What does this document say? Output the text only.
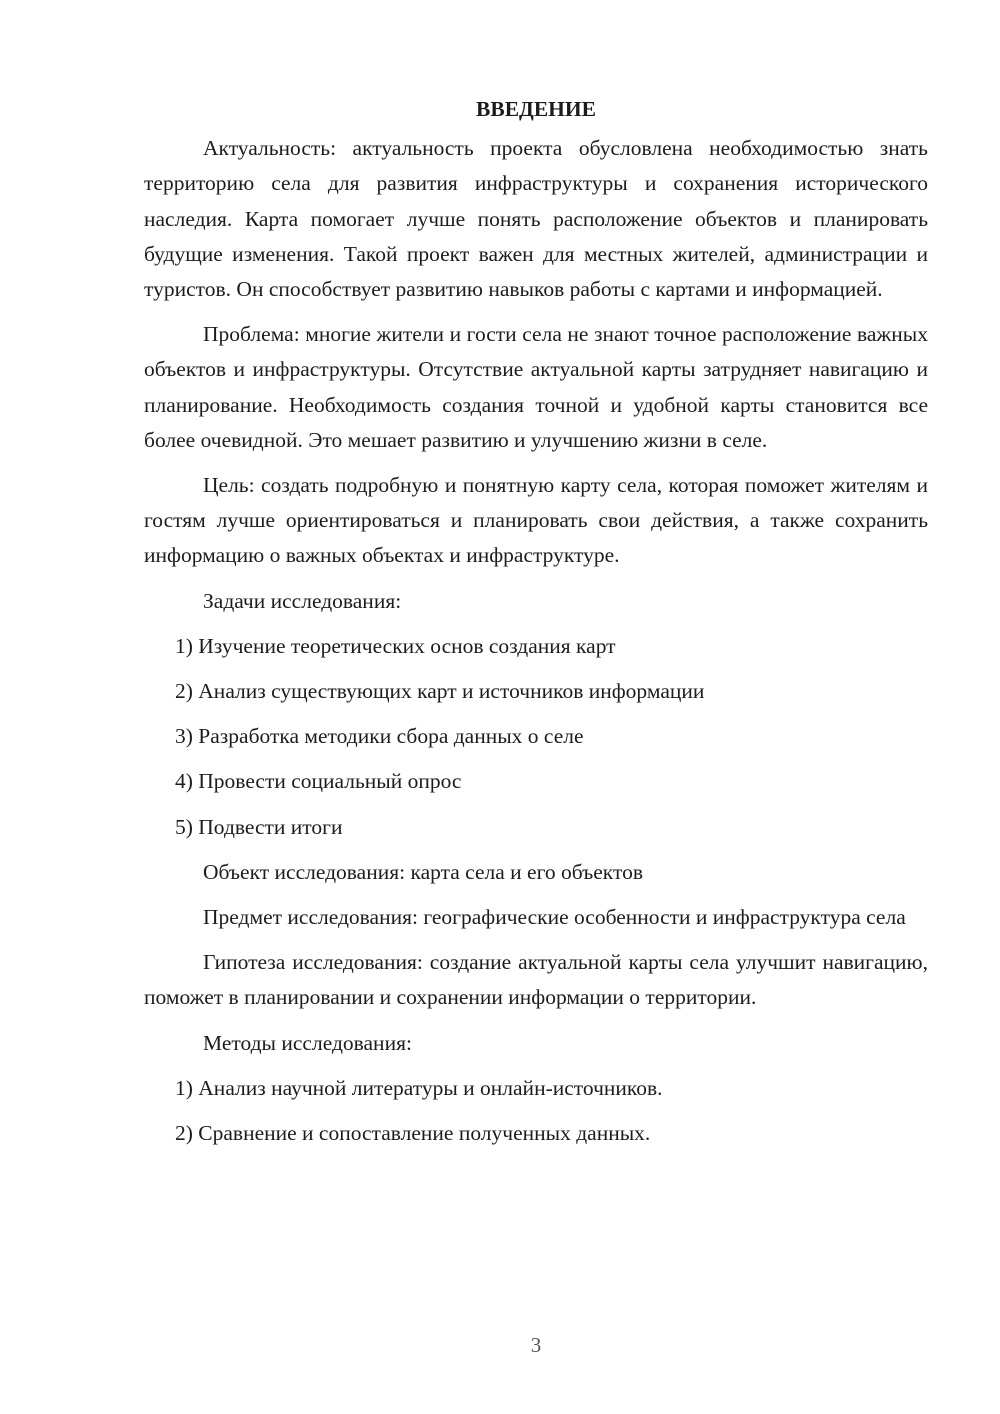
ВВЕДЕНИЕ

Актуальность: актуальность проекта обусловлена необходимостью знать территорию села для развития инфраструктуры и сохранения исторического наследия. Карта помогает лучше понять расположение объектов и планировать будущие изменения. Такой проект важен для местных жителей, администрации и туристов. Он способствует развитию навыков работы с картами и информацией.

Проблема: многие жители и гости села не знают точное расположение важных объектов и инфраструктуры. Отсутствие актуальной карты затрудняет навигацию и планирование. Необходимость создания точной и удобной карты становится все более очевидной. Это мешает развитию и улучшению жизни в селе.

Цель: создать подробную и понятную карту села, которая поможет жителям и гостям лучше ориентироваться и планировать свои действия, а также сохранить информацию о важных объектах и инфраструктуре.

Задачи исследования:
1) Изучение теоретических основ создания карт
2) Анализ существующих карт и источников информации
3) Разработка методики сбора данных о селе
4) Провести социальный опрос
5) Подвести итоги
Объект исследования: карта села и его объектов

Предмет исследования: географические особенности и инфраструктура села

Гипотеза исследования: создание актуальной карты села улучшит навигацию, поможет в планировании и сохранении информации о территории.

Методы исследования:
1) Анализ научной литературы и онлайн-источников.
2) Сравнение и сопоставление полученных данных.
3
